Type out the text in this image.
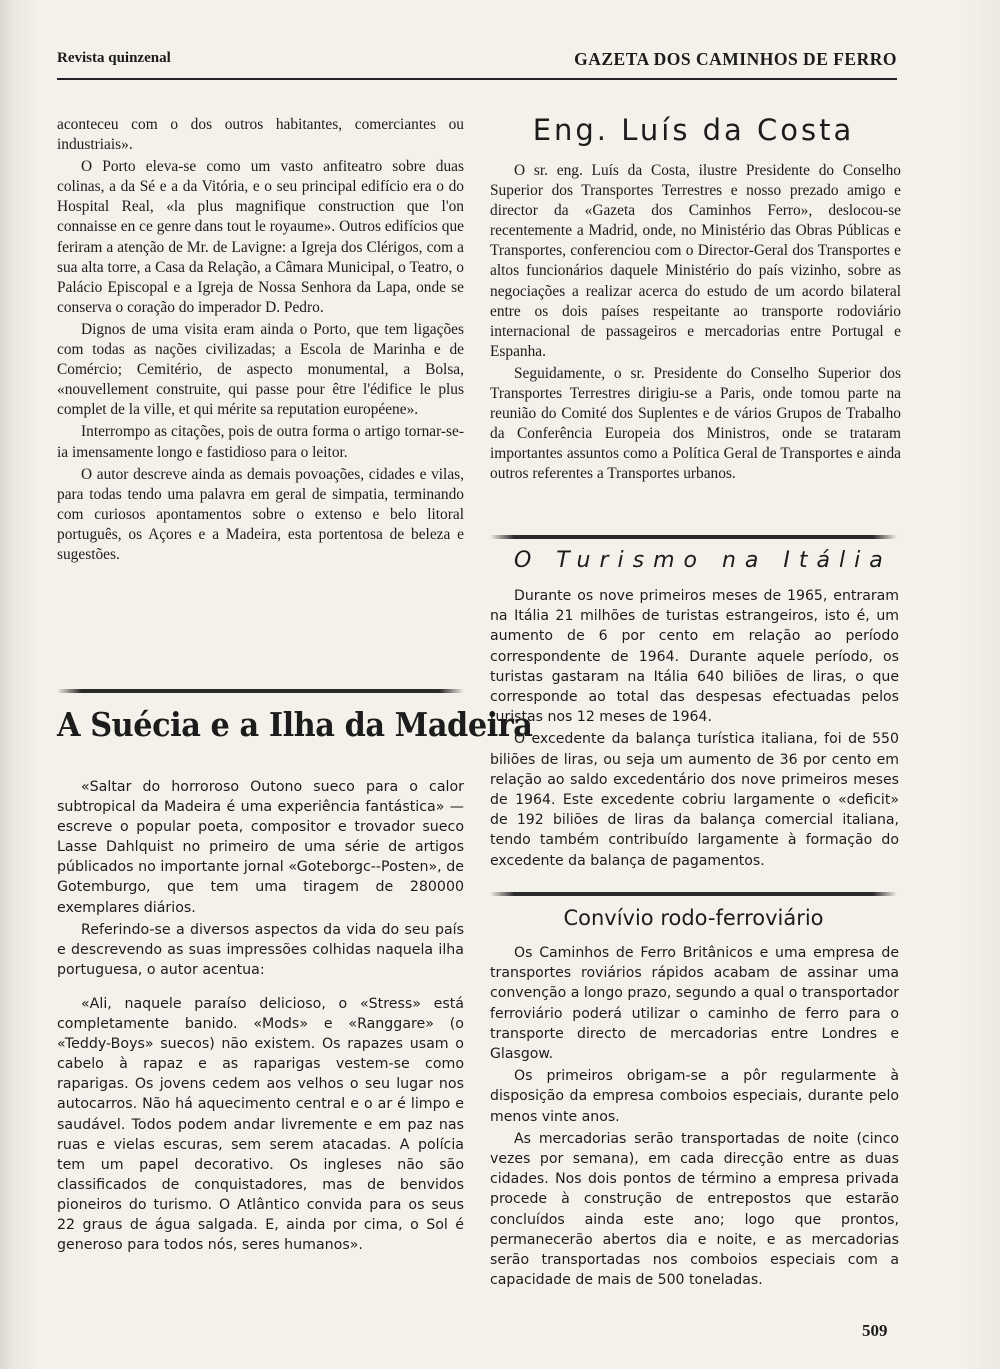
Revista quinzenal	GAZETA DOS CAMINHOS DE FERRO

aconteceu com o dos outros habitantes, comerciantes ou industriais».

O Porto eleva-se como um vasto anfiteatro sobre duas colinas, a da Sé e a da Vitória, e o seu principal edifício era o do Hospital Real, «la plus magnifique construction que l'on connaisse en ce genre dans tout le royaume». Outros edifícios que feriram a atenção de Mr. de Lavigne: a Igreja dos Clérigos, com a sua alta torre, a Casa da Relação, a Câmara Municipal, o Teatro, o Palácio Episcopal e a Igreja de Nossa Senhora da Lapa, onde se conserva o coração do imperador D. Pedro.

Dignos de uma visita eram ainda o Porto, que tem ligações com todas as nações civilizadas; a Escola de Marinha e de Comércio; Cemitério, de aspecto monumental, a Bolsa, «nouvellement construite, qui passe pour être l'édifice le plus complet de la ville, et qui mérite sa reputation européene».

Interrompo as citações, pois de outra forma o artigo tornar-se-ia imensamente longo e fastidioso para o leitor.

O autor descreve ainda as demais povoações, cidades e vilas, para todas tendo uma palavra em geral de simpatia, terminando com curiosos apontamentos sobre o extenso e belo litoral português, os Açores e a Madeira, esta portentosa de beleza e sugestões.

A Suécia e a Ilha da Madeira

«Saltar do horroroso Outono sueco para o calor subtropical da Madeira é uma experiência fantástica» —escreve o popular poeta, compositor e trovador sueco Lasse Dahlquist no primeiro de uma série de artigos públicados no importante jornal «Goteborgc--Posten», de Gotemburgo, que tem uma tiragem de 280000 exemplares diários.

Referindo-se a diversos aspectos da vida do seu país e descrevendo as suas impressões colhidas naquela ilha portuguesa, o autor acentua:

«Ali, naquele paraíso delicioso, o «Stress» está completamente banido. «Mods» e «Ranggare» (o «Teddy-Boys» suecos) não existem. Os rapazes usam o cabelo à rapaz e as raparigas vestem-se como raparigas. Os jovens cedem aos velhos o seu lugar nos autocarros. Não há aquecimento central e o ar é limpo e saudável. Todos podem andar livremente e em paz nas ruas e vielas escuras, sem serem atacadas. A polícia tem um papel decorativo. Os ingleses não são classificados de conquistadores, mas de benvidos pioneiros do turismo. O Atlântico convida para os seus 22 graus de água salgada. E, ainda por cima, o Sol é generoso para todos nós, seres humanos».

Eng. Luís da Costa

O sr. eng. Luís da Costa, ilustre Presidente do Conselho Superior dos Transportes Terrestres e nosso prezado amigo e director da «Gazeta dos Caminhos Ferro», deslocou-se recentemente a Madrid, onde, no Ministério das Obras Públicas e Transportes, conferenciou com o Director-Geral dos Transportes e altos funcionários daquele Ministério do país vizinho, sobre as negociações a realizar acerca do estudo de um acordo bilateral entre os dois países respeitante ao transporte rodoviário internacional de passageiros e mercadorias entre Portugal e Espanha.

Seguidamente, o sr. Presidente do Conselho Superior dos Transportes Terrestres dirigiu-se a Paris, onde tomou parte na reunião do Comité dos Suplentes e de vários Grupos de Trabalho da Conferência Europeia dos Ministros, onde se trataram importantes assuntos como a Política Geral de Transportes e ainda outros referentes a Transportes urbanos.

O Turismo na Itália

Durante os nove primeiros meses de 1965, entraram na Itália 21 milhões de turistas estrangeiros, isto é, um aumento de 6 por cento em relação ao período correspondente de 1964. Durante aquele período, os turistas gastaram na Itália 640 biliões de liras, o que corresponde ao total das despesas efectuadas pelos turistas nos 12 meses de 1964.

O excedente da balança turística italiana, foi de 550 biliões de liras, ou seja um aumento de 36 por cento em relação ao saldo excedentário dos nove primeiros meses de 1964. Este excedente cobriu largamente o «deficit» de 192 biliões de liras da balança comercial italiana, tendo também contribuído largamente à formação do excedente da balança de pagamentos.

Convívio rodo-ferroviário

Os Caminhos de Ferro Britânicos e uma empresa de transportes roviários rápidos acabam de assinar uma convenção a longo prazo, segundo a qual o transportador ferroviário poderá utilizar o caminho de ferro para o transporte directo de mercadorias entre Londres e Glasgow.

Os primeiros obrigam-se a pôr regularmente à disposição da empresa comboios especiais, durante pelo menos vinte anos.

As mercadorias serão transportadas de noite (cinco vezes por semana), em cada direcção entre as duas cidades. Nos dois pontos de término a empresa privada procede à construção de entrepostos que estarão concluídos ainda este ano; logo que prontos, permanecerão abertos dia e noite, e as mercadorias serão transportadas nos comboios especiais com a capacidade de mais de 500 toneladas.

509
